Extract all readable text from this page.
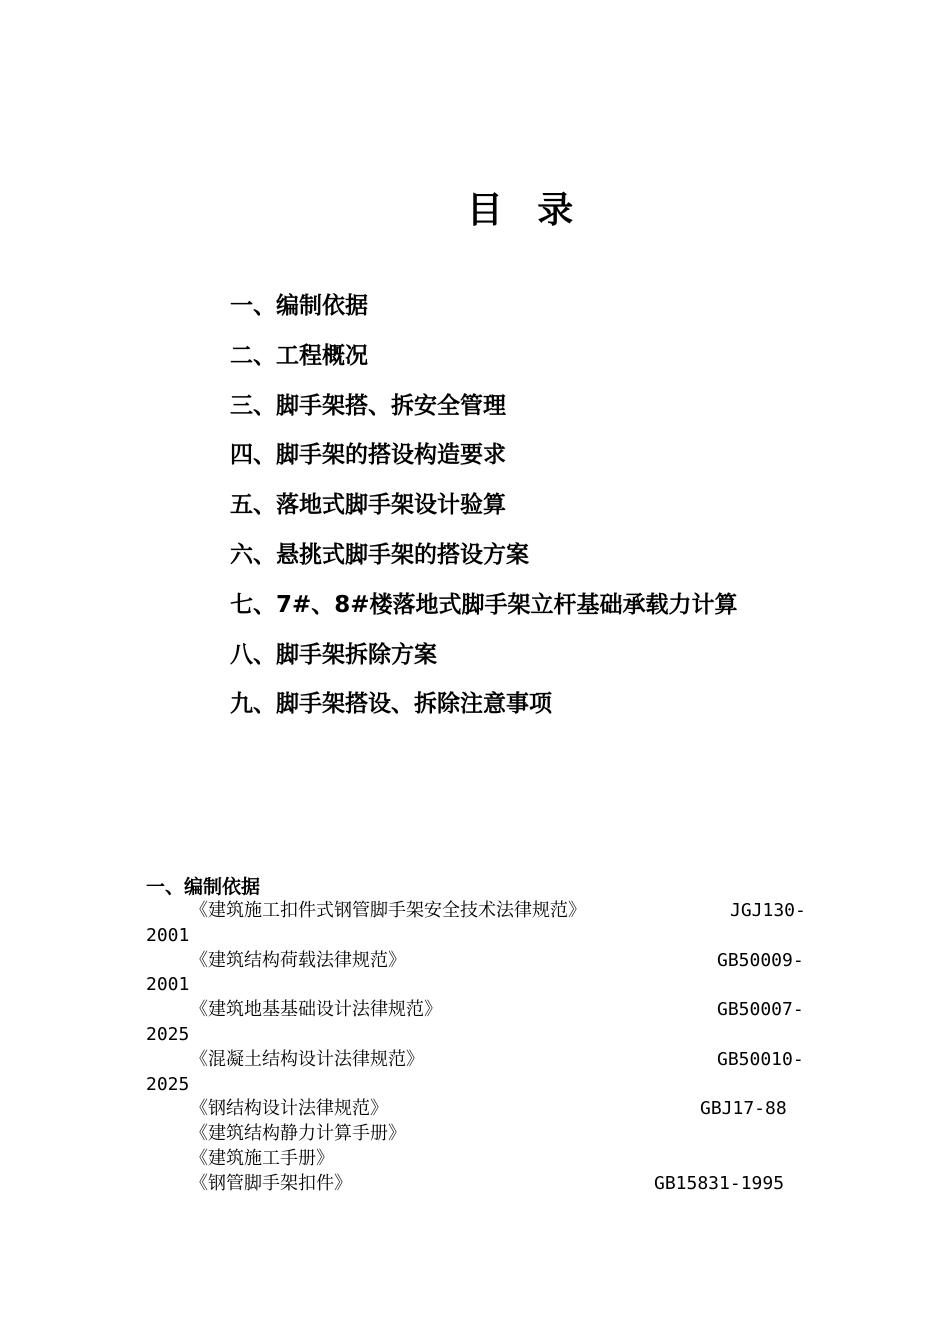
目 录
一、编制依据
二、工程概况
三、脚手架搭、拆安全管理
四、脚手架的搭设构造要求
五、落地式脚手架设计验算
六、悬挑式脚手架的搭设方案
七、7#、8#楼落地式脚手架立杆基础承载力计算
八、脚手架拆除方案
九、脚手架搭设、拆除注意事项
一、编制依据
《建筑施工扣件式钢管脚手架安全技术法律规范》	JGJ130-
2001
《建筑结构荷载法律规范》	GB50009-
2001
《建筑地基基础设计法律规范》	GB50007-
2025
《混凝土结构设计法律规范》	GB50010-
2025
《钢结构设计法律规范》	GBJ17-88
《建筑结构静力计算手册》
《建筑施工手册》
《钢管脚手架扣件》	GB15831-1995
